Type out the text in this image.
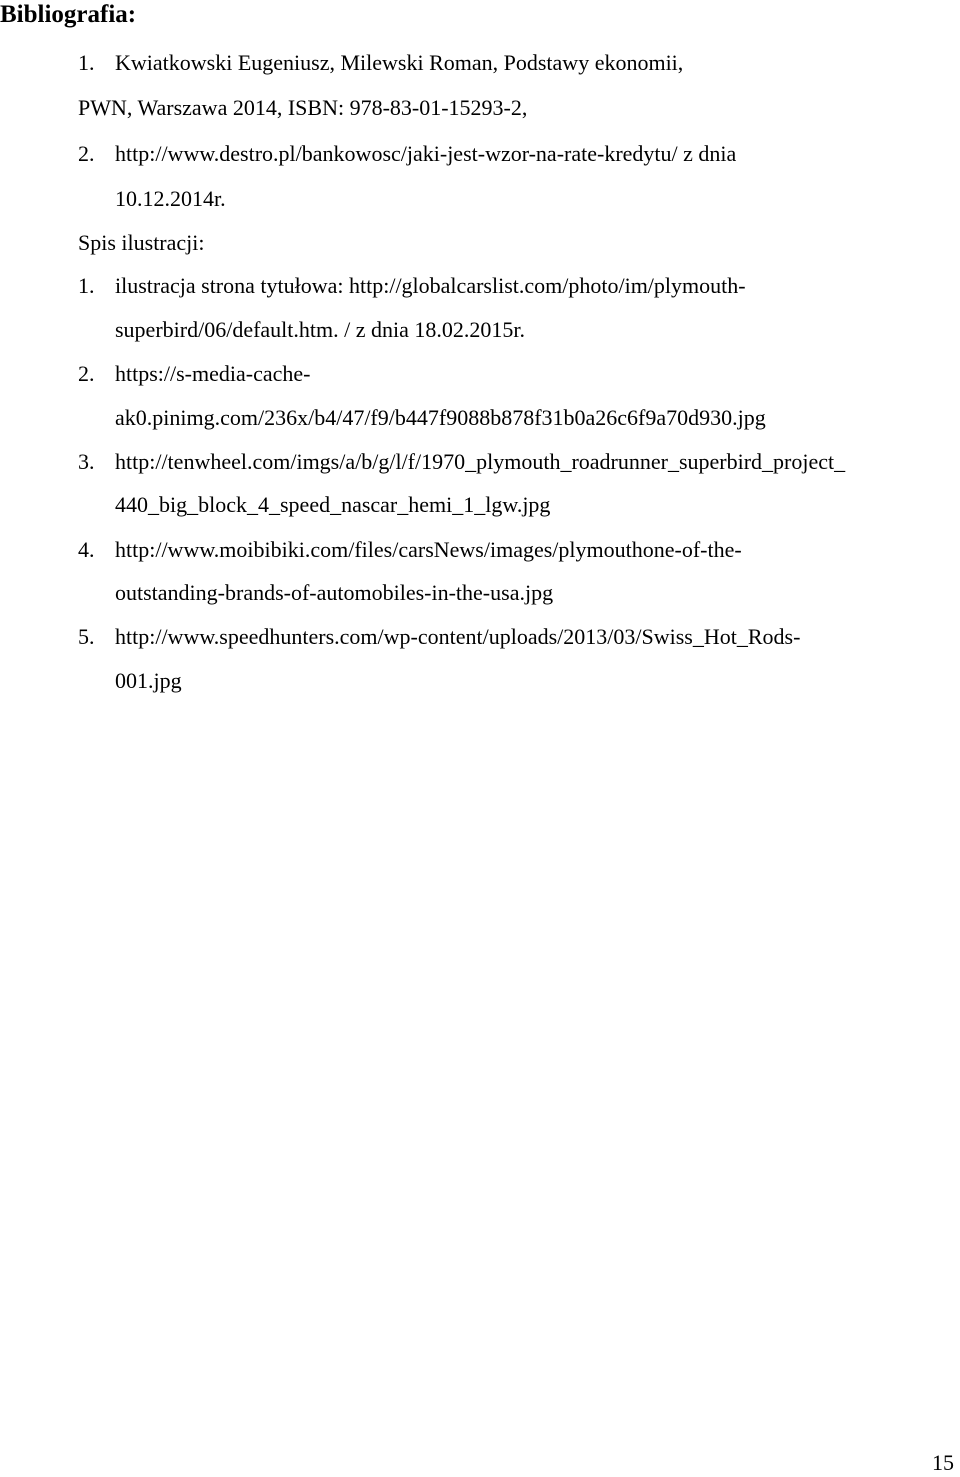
Bibliografia:
1. Kwiatkowski Eugeniusz, Milewski Roman, Podstawy ekonomii,
PWN, Warszawa 2014, ISBN: 978-83-01-15293-2,
2. http://www.destro.pl/bankowosc/jaki-jest-wzor-na-rate-kredytu/ z dnia
10.12.2014r.
Spis ilustracji:
1. ilustracja strona tytułowa: http://globalcarslist.com/photo/im/plymouth-
superbird/06/default.htm. / z dnia 18.02.2015r.
2. https://s-media-cache-
ak0.pinimg.com/236x/b4/47/f9/b447f9088b878f31b0a26c6f9a70d930.jpg
3. http://tenwheel.com/imgs/a/b/g/l/f/1970_plymouth_roadrunner_superbird_project_
440_big_block_4_speed_nascar_hemi_1_lgw.jpg
4. http://www.moibibiki.com/files/carsNews/images/plymouthone-of-the-
outstanding-brands-of-automobiles-in-the-usa.jpg
5. http://www.speedhunters.com/wp-content/uploads/2013/03/Swiss_Hot_Rods-
001.jpg
15
